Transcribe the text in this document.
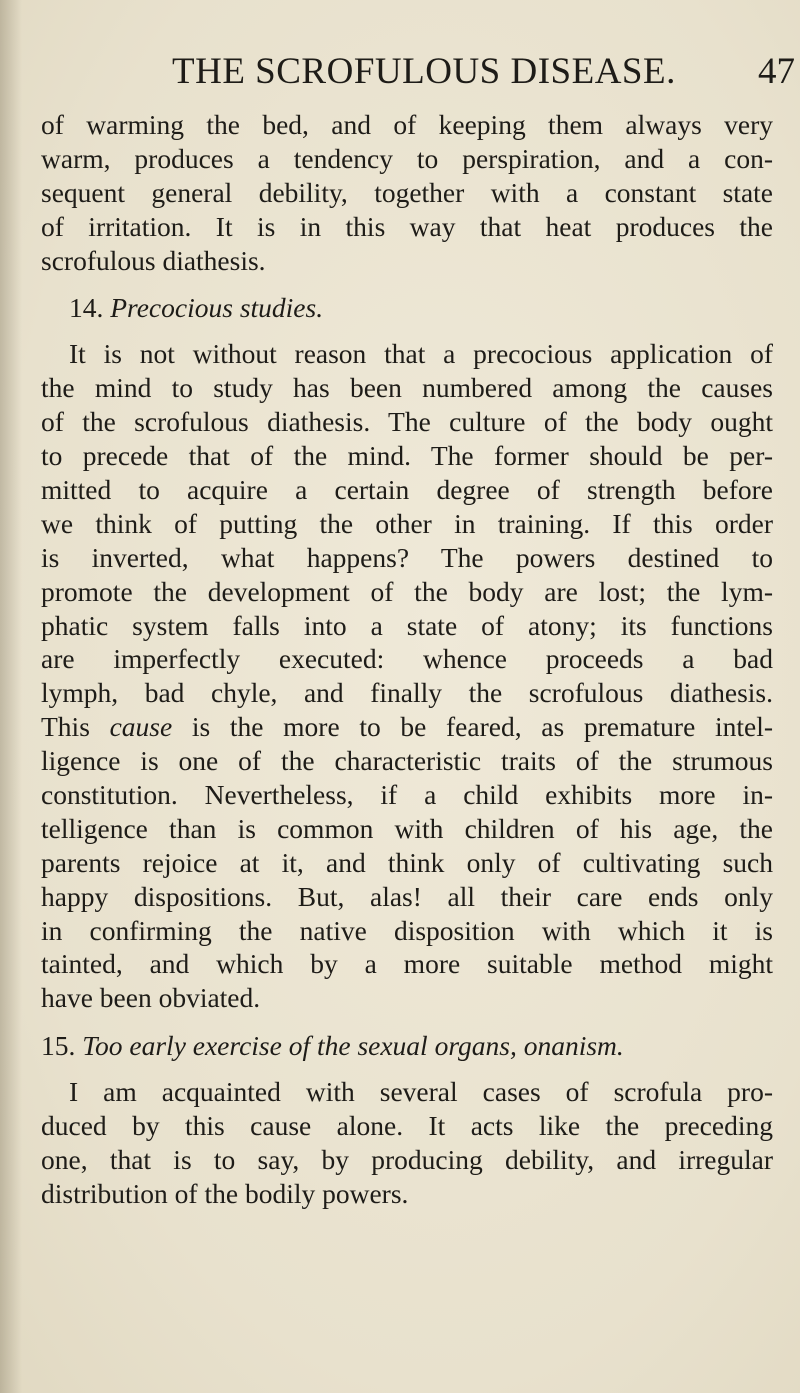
THE SCROFULOUS DISEASE. 47
of warming the bed, and of keeping them always very
warm, produces a tendency to perspiration, and a con-
sequent general debility, together with a constant state
of irritation. It is in this way that heat produces the
scrofulous diathesis.
14. Precocious studies.
It is not without reason that a precocious application of
the mind to study has been numbered among the causes
of the scrofulous diathesis. The culture of the body ought
to precede that of the mind. The former should be per-
mitted to acquire a certain degree of strength before
we think of putting the other in training. If this order
is inverted, what happens? The powers destined to
promote the development of the body are lost; the lym-
phatic system falls into a state of atony; its functions
are imperfectly executed: whence proceeds a bad
lymph, bad chyle, and finally the scrofulous diathesis.
This cause is the more to be feared, as premature intel-
ligence is one of the characteristic traits of the strumous
constitution. Nevertheless, if a child exhibits more in-
telligence than is common with children of his age, the
parents rejoice at it, and think only of cultivating such
happy dispositions. But, alas! all their care ends only
in confirming the native disposition with which it is
tainted, and which by a more suitable method might
have been obviated.
15. Too early exercise of the sexual organs, onanism.
I am acquainted with several cases of scrofula pro-
duced by this cause alone. It acts like the preceding
one, that is to say, by producing debility, and irregular
distribution of the bodily powers.
